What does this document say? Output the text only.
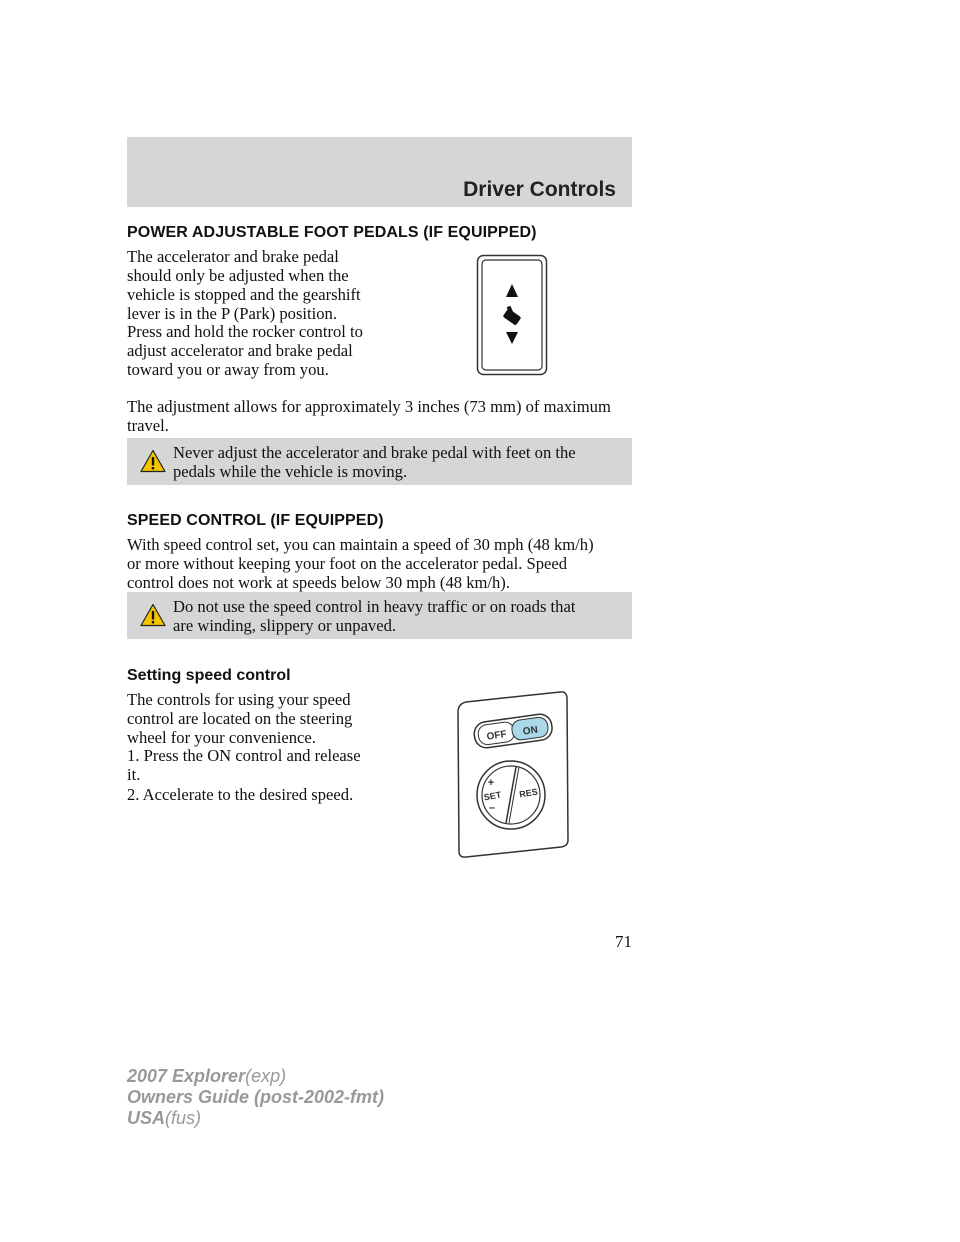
Driver Controls
POWER ADJUSTABLE FOOT PEDALS (IF EQUIPPED)

The accelerator and brake pedal
should only be adjusted when the
vehicle is stopped and the gearshift
lever is in the P (Park) position.

Press and hold the rocker control to
adjust accelerator and brake pedal
toward you or away from you.

The adjustment allows for approximately 3 inches (73 mm) of maximum
travel.

Never adjust the accelerator and brake pedal with feet on the
pedals while the vehicle is moving.
SPEED CONTROL (IF EQUIPPED)

With speed control set, you can maintain a speed of 30 mph (48 km/h)
or more without keeping your foot on the accelerator pedal. Speed
control does not work at speeds below 30 mph (48 km/h).

Do not use the speed control in heavy traffic or on roads that
are winding, slippery or unpaved.
Setting speed control

The controls for using your speed
control are located on the steering
wheel for your convenience.

1. Press the ON control and release
it.

2. Accelerate to the desired speed.

OFF ON
+
SET
–
RES
71
2007 Explorer(exp)
Owners Guide (post-2002-fmt)
USA(fus)
